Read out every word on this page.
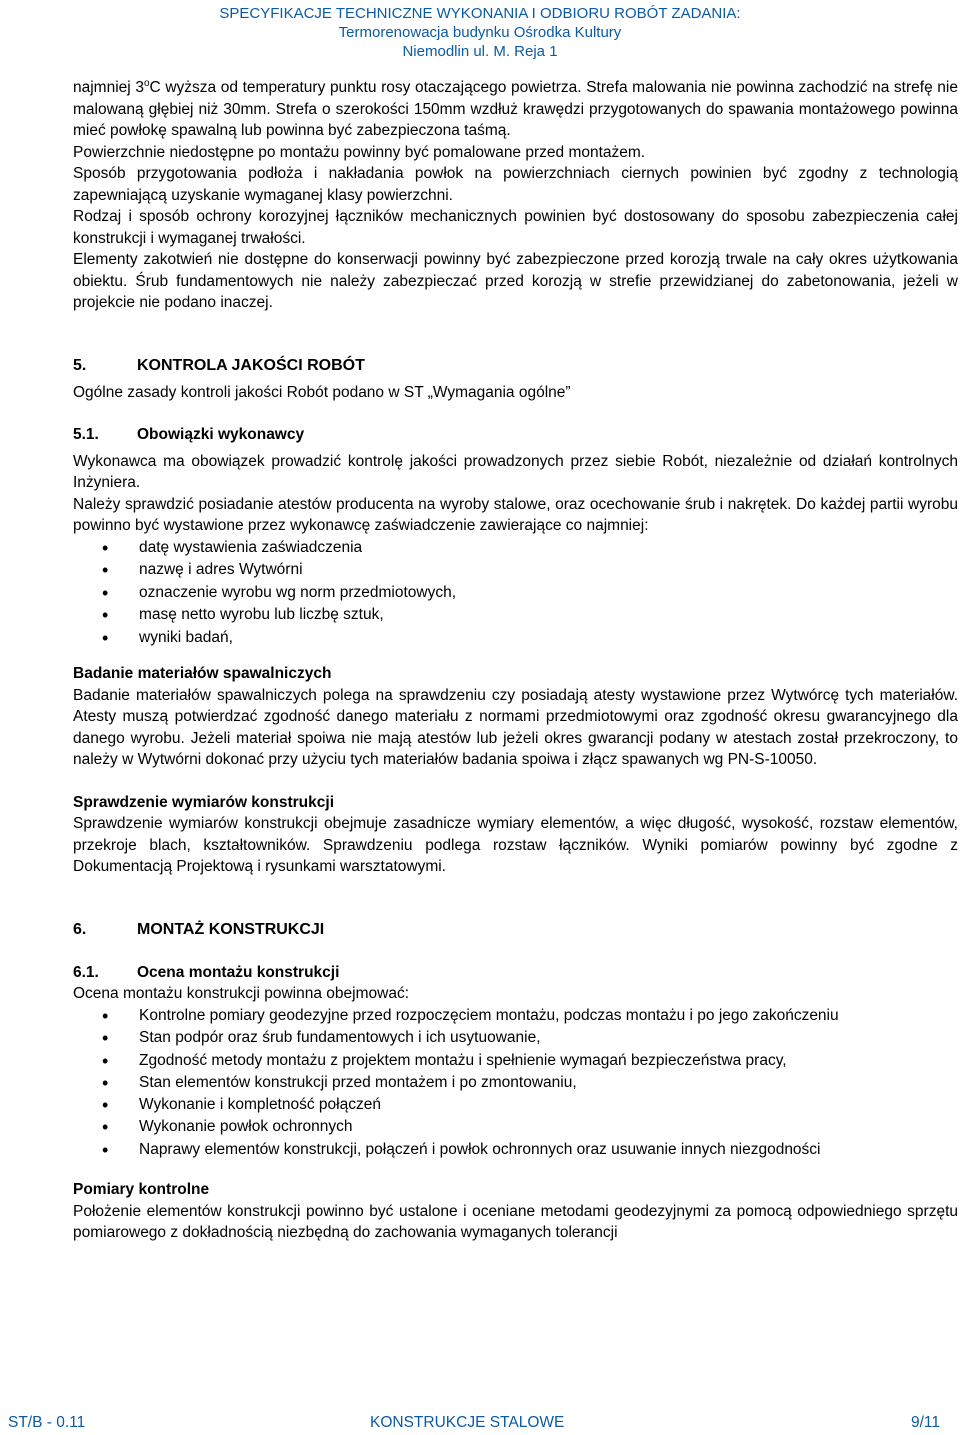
SPECYFIKACJE TECHNICZNE WYKONANIA I ODBIORU ROBÓT ZADANIA:
Termorenowacja budynku Ośrodka Kultury
Niemodlin ul. M. Reja 1

najmniej 3$^o$C wyższa od temperatury punktu rosy otaczającego powietrza. Strefa malowania nie powinna zachodzić na strefę nie malowaną głębiej niż 30mm. Strefa o szerokości 150mm wzdłuż krawędzi przygotowanych do spawania montażowego powinna mieć powłokę spawalną lub powinna być zabezpieczona taśmą.

Powierzchnie niedostępne po montażu powinny być pomalowane przed montażem.

Sposób przygotowania podłoża i nakładania powłok na powierzchniach ciernych powinien być zgodny z technologią zapewniającą uzyskanie wymaganej klasy powierzchni.

Rodzaj i sposób ochrony korozyjnej łączników mechanicznych powinien być dostosowany do sposobu zabezpieczenia całej konstrukcji i wymaganej trwałości.

Elementy zakotwień nie dostępne do konserwacji powinny być zabezpieczone przed korozją trwale na cały okres użytkowania obiektu. Śrub fundamentowych nie należy zabezpieczać przed korozją w strefie przewidzianej do zabetonowania, jeżeli w projekcie nie podano inaczej.

5.	KONTROLA JAKOŚCI ROBÓT

Ogólne zasady kontroli jakości Robót podano w ST „Wymagania ogólne”

5.1. Obowiązki wykonawcy

Wykonawca ma obowiązek prowadzić kontrolę jakości prowadzonych przez siebie Robót, niezależnie od działań kontrolnych Inżyniera.

Należy sprawdzić posiadanie atestów producenta na wyroby stalowe, oraz ocechowanie śrub i nakrętek. Do każdej partii wyrobu powinno być wystawione przez wykonawcę zaświadczenie zawierające co najmniej:

• datę wystawienia zaświadczenia
• nazwę i adres Wytwórni
• oznaczenie wyrobu wg norm przedmiotowych,
• masę netto wyrobu lub liczbę sztuk,
• wyniki badań,
Badanie materiałów spawalniczych

Badanie materiałów spawalniczych polega na sprawdzeniu czy posiadają atesty wystawione przez Wytwórcę tych materiałów. Atesty muszą potwierdzać zgodność danego materiału z normami przedmiotowymi oraz zgodność okresu gwarancyjnego dla danego wyrobu. Jeżeli materiał spoiwa nie mają atestów lub jeżeli okres gwarancji podany w atestach został przekroczony, to należy w Wytwórni dokonać przy użyciu tych materiałów badania spoiwa i złącz spawanych wg PN-S-10050.

Sprawdzenie wymiarów konstrukcji

Sprawdzenie wymiarów konstrukcji obejmuje zasadnicze wymiary elementów, a więc długość, wysokość, rozstaw elementów, przekroje blach, kształtowników. Sprawdzeniu podlega rozstaw łączników. Wyniki pomiarów powinny być zgodne z Dokumentacją Projektową i rysunkami warsztatowymi.

6.	MONTAŻ KONSTRUKCJI
6.1. Ocena montażu konstrukcji

Ocena montażu konstrukcji powinna obejmować:

• Kontrolne pomiary geodezyjne przed rozpoczęciem montażu, podczas montażu i po jego zakończeniu
• Stan podpór oraz śrub fundamentowych i ich usytuowanie,
• Zgodność metody montażu z projektem montażu i spełnienie wymagań bezpieczeństwa pracy,
• Stan elementów konstrukcji przed montażem i po zmontowaniu,
• Wykonanie i kompletność połączeń
• Wykonanie powłok ochronnych
• Naprawy elementów konstrukcji, połączeń i powłok ochronnych oraz usuwanie innych niezgodności
Pomiary kontrolne

Położenie elementów konstrukcji powinno być ustalone i oceniane metodami geodezyjnymi za pomocą odpowiedniego sprzętu pomiarowego z dokładnością niezbędną do zachowania wymaganych tolerancji

ST/B - 0.11	KONSTRUKCJE STALOWE	9/11
